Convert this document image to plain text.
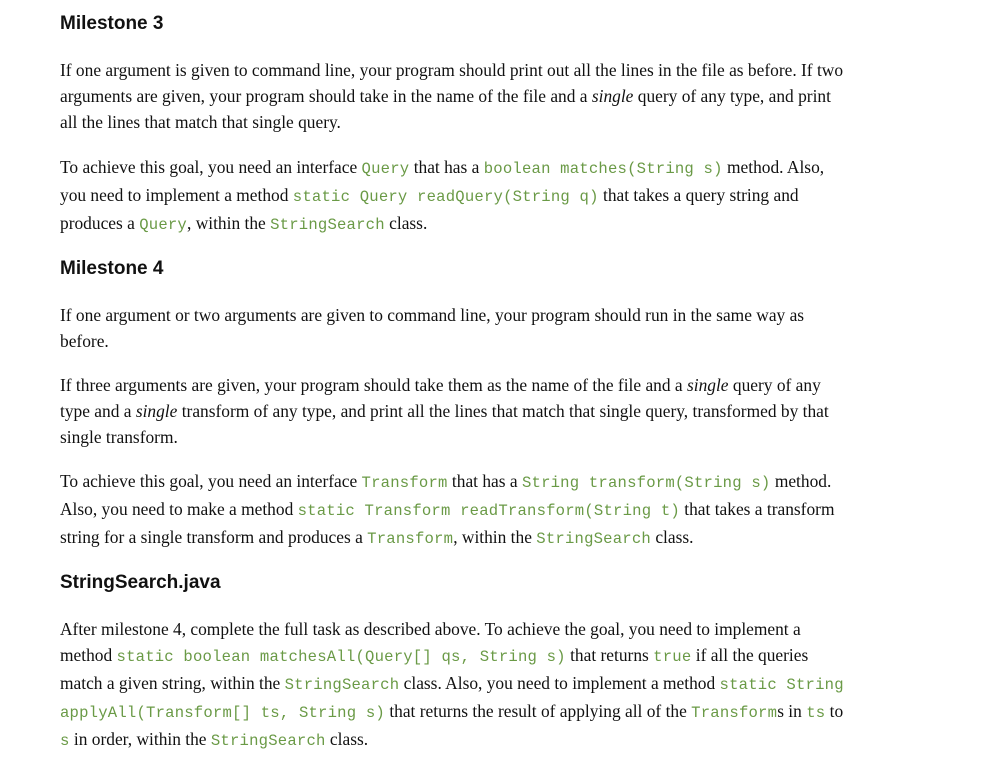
Milestone 3

If one argument is given to command line, your program should print out all the lines in the file as before. If two arguments are given, your program should take in the name of the file and a single query of any type, and print all the lines that match that single query.

To achieve this goal, you need an interface Query that has a boolean matches(String s) method. Also, you need to implement a method static Query readQuery(String q) that takes a query string and produces a Query, within the StringSearch class.

Milestone 4

If one argument or two arguments are given to command line, your program should run in the same way as before.

If three arguments are given, your program should take them as the name of the file and a single query of any type and a single transform of any type, and print all the lines that match that single query, transformed by that single transform.

To achieve this goal, you need an interface Transform that has a String transform(String s) method. Also, you need to make a method static Transform readTransform(String t) that takes a transform string for a single transform and produces a Transform, within the StringSearch class.

StringSearch.java

After milestone 4, complete the full task as described above. To achieve the goal, you need to implement a method static boolean matchesAll(Query[] qs, String s) that returns true if all the queries match a given string, within the StringSearch class. Also, you need to implement a method static String applyAll(Transform[] ts, String s) that returns the result of applying all of the Transforms in ts to s in order, within the StringSearch class.
